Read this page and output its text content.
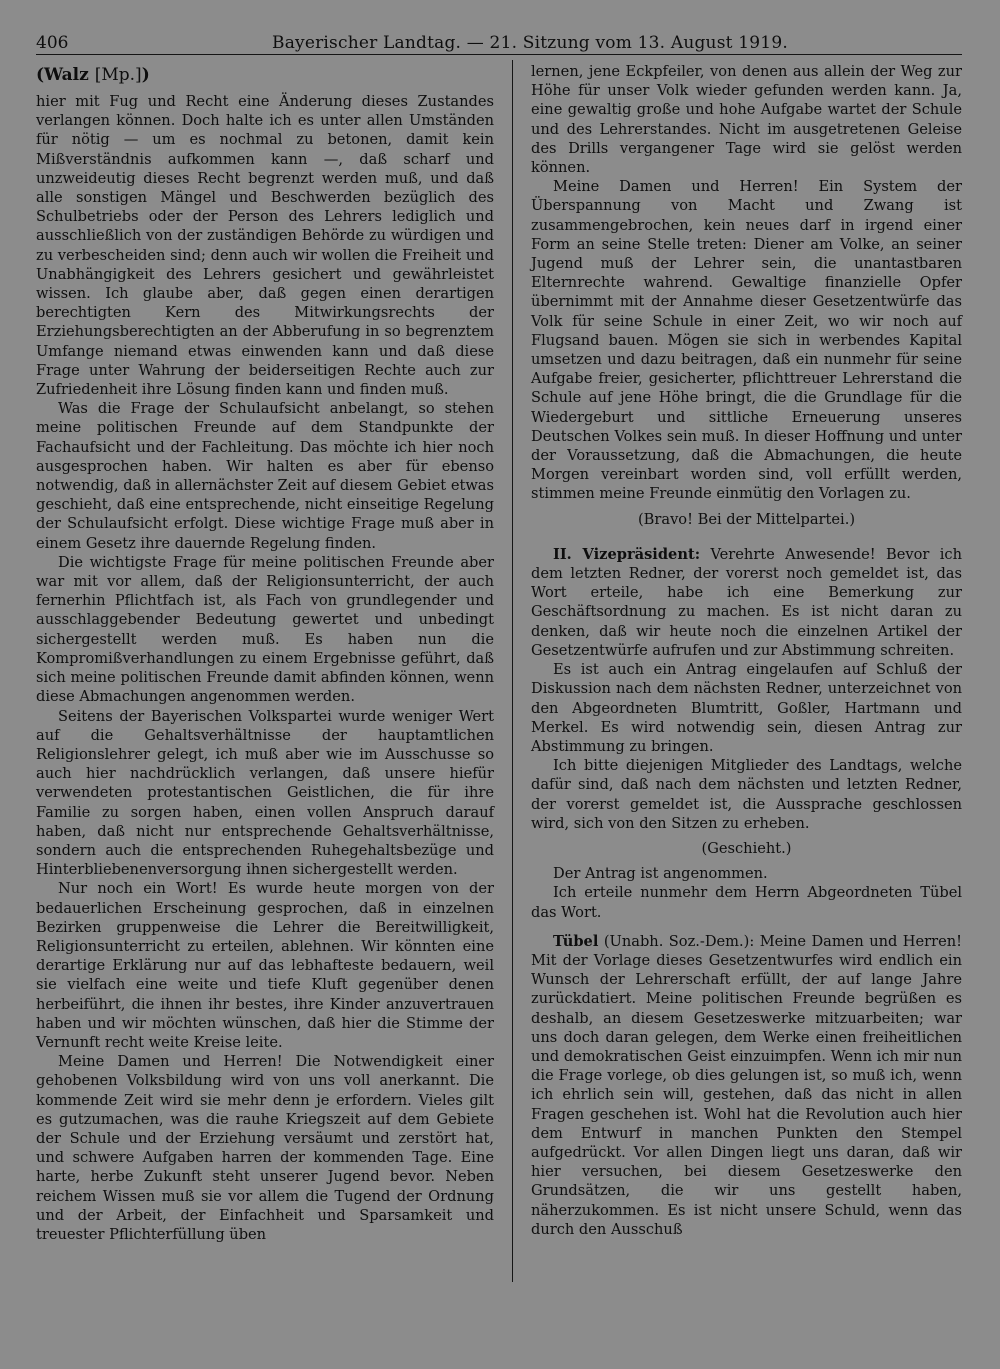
406	Bayerischer Landtag. — 21. Sitzung vom 13. August 1919.

(Walz [Mp.])

hier mit Fug und Recht eine Änderung dieses Zustandes verlangen können. Doch halte ich es unter allen Umständen für nötig — um es nochmal zu betonen, damit kein Mißverständnis aufkommen kann —, daß scharf und unzweideutig dieses Recht begrenzt werden muß, und daß alle sonstigen Mängel und Beschwerden bezüglich des Schulbetriebs oder der Person des Lehrers lediglich und ausschließlich von der zuständigen Behörde zu würdigen und zu verbescheiden sind; denn auch wir wollen die Freiheit und Unabhängigkeit des Lehrers gesichert und gewährleistet wissen. Ich glaube aber, daß gegen einen derartigen berechtigten Kern des Mitwirkungsrechts der Erziehungsberechtigten an der Abberufung in so begrenztem Umfange niemand etwas einwenden kann und daß diese Frage unter Wahrung der beiderseitigen Rechte auch zur Zufriedenheit ihre Lösung finden kann und finden muß.

Was die Frage der Schulaufsicht anbelangt, so stehen meine politischen Freunde auf dem Standpunkte der Fachaufsicht und der Fachleitung. Das möchte ich hier noch ausgesprochen haben. Wir halten es aber für ebenso notwendig, daß in allernächster Zeit auf diesem Gebiet etwas geschieht, daß eine entsprechende, nicht einseitige Regelung der Schulaufsicht erfolgt. Diese wichtige Frage muß aber in einem Gesetz ihre dauernde Regelung finden.

Die wichtigste Frage für meine politischen Freunde aber war mit vor allem, daß der Religionsunterricht, der auch fernerhin Pflichtfach ist, als Fach von grundlegender und ausschlaggebender Bedeutung gewertet und unbedingt sichergestellt werden muß. Es haben nun die Kompromißverhandlungen zu einem Ergebnisse geführt, daß sich meine politischen Freunde damit abfinden können, wenn diese Abmachungen angenommen werden.

Seitens der Bayerischen Volkspartei wurde weniger Wert auf die Gehaltsverhältnisse der hauptamtlichen Religionslehrer gelegt, ich muß aber wie im Ausschusse so auch hier nachdrücklich verlangen, daß unsere hiefür verwendeten protestantischen Geistlichen, die für ihre Familie zu sorgen haben, einen vollen Anspruch darauf haben, daß nicht nur entsprechende Gehaltsverhältnisse, sondern auch die entsprechenden Ruhegehaltsbezüge und Hinterbliebenenversorgung ihnen sichergestellt werden.

Nur noch ein Wort! Es wurde heute morgen von der bedauerlichen Erscheinung gesprochen, daß in einzelnen Bezirken gruppenweise die Lehrer die Bereitwilligkeit, Religionsunterricht zu erteilen, ablehnen. Wir könnten eine derartige Erklärung nur auf das lebhafteste bedauern, weil sie vielfach eine weite und tiefe Kluft gegenüber denen herbeiführt, die ihnen ihr bestes, ihre Kinder anzuvertrauen haben und wir möchten wünschen, daß hier die Stimme der Vernunft recht weite Kreise leite.

Meine Damen und Herren! Die Notwendigkeit einer gehobenen Volksbildung wird von uns voll anerkannt. Die kommende Zeit wird sie mehr denn je erfordern. Vieles gilt es gutzumachen, was die rauhe Kriegszeit auf dem Gebiete der Schule und der Erziehung versäumt und zerstört hat, und schwere Aufgaben harren der kommenden Tage. Eine harte, herbe Zukunft steht unserer Jugend bevor. Neben reichem Wissen muß sie vor allem die Tugend der Ordnung und der Arbeit, der Einfachheit und Sparsamkeit und treuester Pflichterfüllung üben

lernen, jene Eckpfeiler, von denen aus allein der Weg zur Höhe für unser Volk wieder gefunden werden kann. Ja, eine gewaltig große und hohe Aufgabe wartet der Schule und des Lehrerstandes. Nicht im ausgetretenen Geleise des Drills vergangener Tage wird sie gelöst werden können.

Meine Damen und Herren! Ein System der Überspannung von Macht und Zwang ist zusammengebrochen, kein neues darf in irgend einer Form an seine Stelle treten: Diener am Volke, an seiner Jugend muß der Lehrer sein, die unantastbaren Elternrechte wahrend. Gewaltige finanzielle Opfer übernimmt mit der Annahme dieser Gesetzentwürfe das Volk für seine Schule in einer Zeit, wo wir noch auf Flugsand bauen. Mögen sie sich in werbendes Kapital umsetzen und dazu beitragen, daß ein nunmehr für seine Aufgabe freier, gesicherter, pflichttreuer Lehrerstand die Schule auf jene Höhe bringt, die die Grundlage für die Wiedergeburt und sittliche Erneuerung unseres Deutschen Volkes sein muß. In dieser Hoffnung und unter der Voraussetzung, daß die Abmachungen, die heute Morgen vereinbart worden sind, voll erfüllt werden, stimmen meine Freunde einmütig den Vorlagen zu.

(Bravo! Bei der Mittelpartei.)

II. Vizepräsident: Verehrte Anwesende! Bevor ich dem letzten Redner, der vorerst noch gemeldet ist, das Wort erteile, habe ich eine Bemerkung zur Geschäftsordnung zu machen. Es ist nicht daran zu denken, daß wir heute noch die einzelnen Artikel der Gesetzentwürfe aufrufen und zur Abstimmung schreiten.

Es ist auch ein Antrag eingelaufen auf Schluß der Diskussion nach dem nächsten Redner, unterzeichnet von den Abgeordneten Blumtritt, Goßler, Hartmann und Merkel. Es wird notwendig sein, diesen Antrag zur Abstimmung zu bringen.

Ich bitte diejenigen Mitglieder des Landtags, welche dafür sind, daß nach dem nächsten und letzten Redner, der vorerst gemeldet ist, die Aussprache geschlossen wird, sich von den Sitzen zu erheben.

(Geschieht.)

Der Antrag ist angenommen.

Ich erteile nunmehr dem Herrn Abgeordneten Tübel das Wort.

Tübel (Unabh. Soz.-Dem.): Meine Damen und Herren! Mit der Vorlage dieses Gesetzentwurfes wird endlich ein Wunsch der Lehrerschaft erfüllt, der auf lange Jahre zurückdatiert. Meine politischen Freunde begrüßen es deshalb, an diesem Gesetzeswerke mitzuarbeiten; war uns doch daran gelegen, dem Werke einen freiheitlichen und demokratischen Geist einzuimpfen. Wenn ich mir nun die Frage vorlege, ob dies gelungen ist, so muß ich, wenn ich ehrlich sein will, gestehen, daß das nicht in allen Fragen geschehen ist. Wohl hat die Revolution auch hier dem Entwurf in manchen Punkten den Stempel aufgedrückt. Vor allen Dingen liegt uns daran, daß wir hier versuchen, bei diesem Gesetzeswerke den Grundsätzen, die wir uns gestellt haben, näherzukommen. Es ist nicht unsere Schuld, wenn das durch den Ausschuß
